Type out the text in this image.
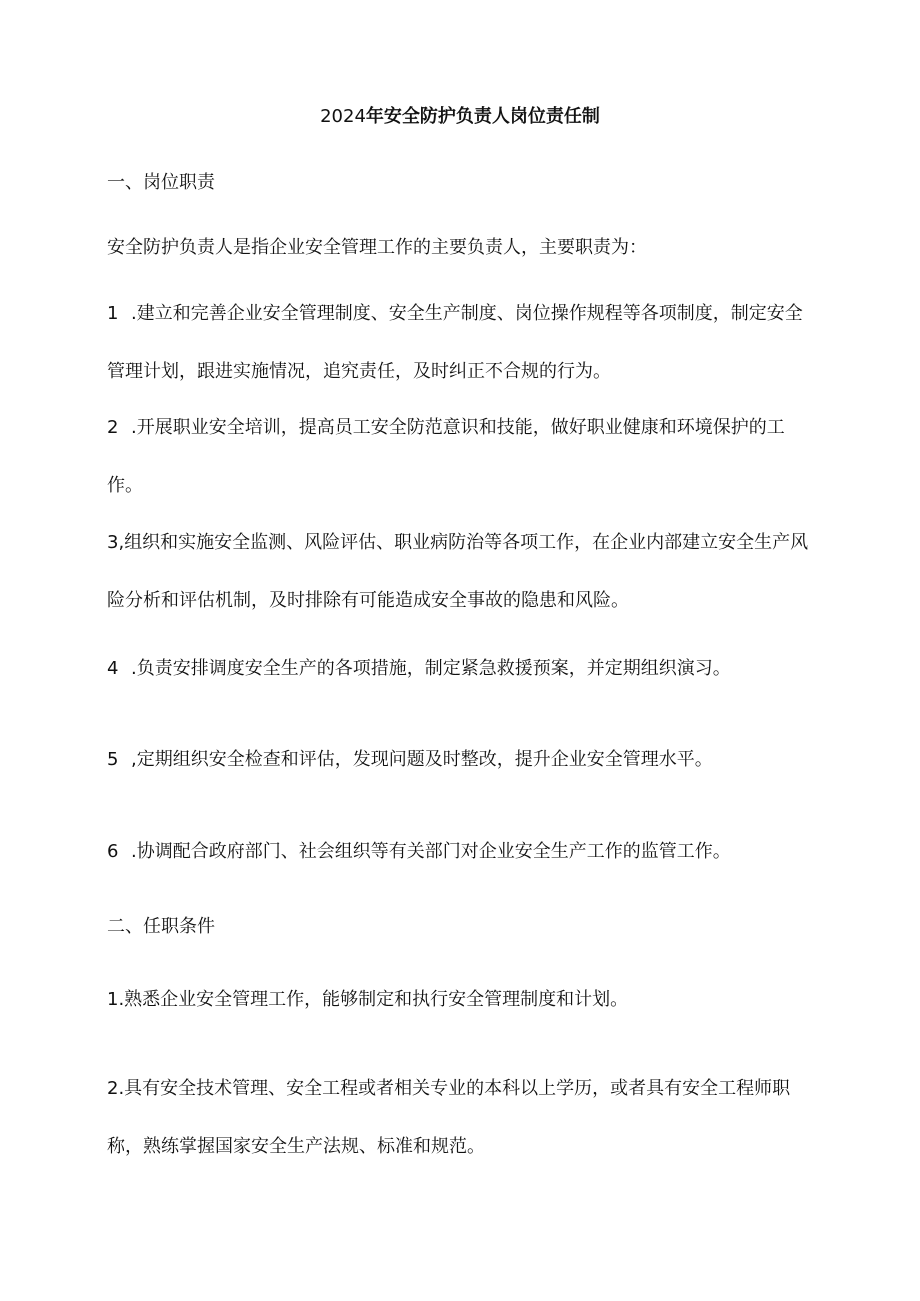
2024年安全防护负责人岗位责任制
一、岗位职责
安全防护负责人是指企业安全管理工作的主要负责人，主要职责为：
1 .建立和完善企业安全管理制度、安全生产制度、岗位操作规程等各项制度，制定安全管理计划，跟进实施情况，追究责任，及时纠正不合规的行为。
2 .开展职业安全培训，提高员工安全防范意识和技能，做好职业健康和环境保护的工作。
3,组织和实施安全监测、风险评估、职业病防治等各项工作，在企业内部建立安全生产风险分析和评估机制，及时排除有可能造成安全事故的隐患和风险。
4 .负责安排调度安全生产的各项措施，制定紧急救援预案，并定期组织演习。
5 ,定期组织安全检查和评估，发现问题及时整改，提升企业安全管理水平。
6 .协调配合政府部门、社会组织等有关部门对企业安全生产工作的监管工作。
二、任职条件
1.熟悉企业安全管理工作，能够制定和执行安全管理制度和计划。
2.具有安全技术管理、安全工程或者相关专业的本科以上学历，或者具有安全工程师职称，熟练掌握国家安全生产法规、标准和规范。
